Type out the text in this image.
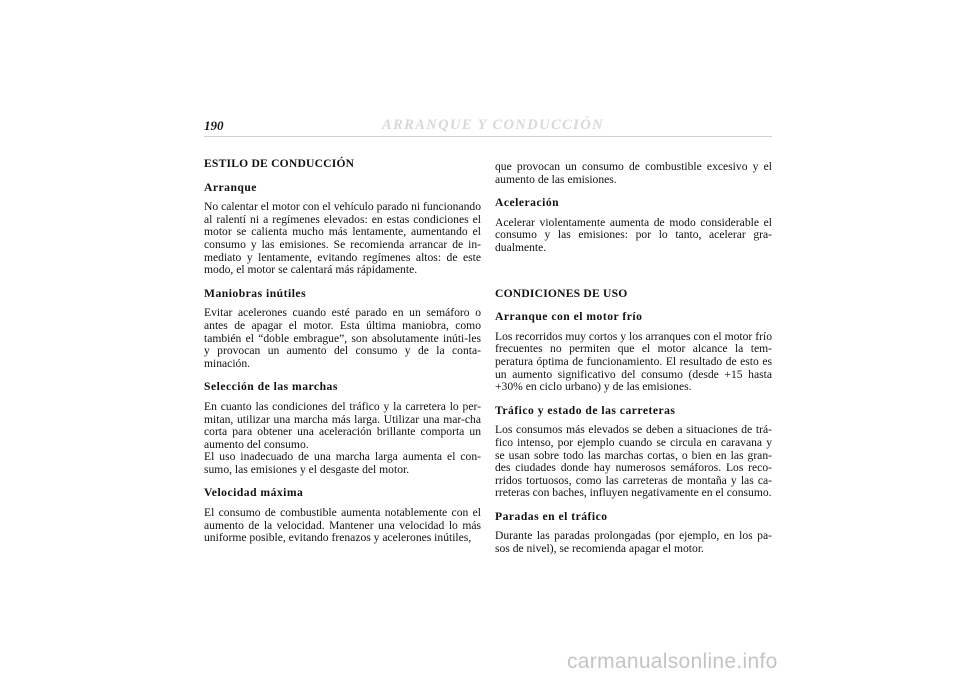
190	ARRANQUE Y CONDUCCIÓN
ESTILO DE CONDUCCIÓN
Arranque
No calentar el motor con el vehículo parado ni funcionando al ralentí ni a regímenes elevados: en estas condiciones el motor se calienta mucho más lentamente, aumentando el consumo y las emisiones. Se recomienda arrancar de in-mediato y lentamente, evitando regímenes altos: de este modo, el motor se calentará más rápidamente.
Maniobras inútiles
Evitar acelerones cuando esté parado en un semáforo o antes de apagar el motor. Esta última maniobra, como también el “doble embrague”, son absolutamente inúti-les y provocan un aumento del consumo y de la conta-minación.
Selección de las marchas
En cuanto las condiciones del tráfico y la carretera lo per-mitan, utilizar una marcha más larga. Utilizar una mar-cha corta para obtener una aceleración brillante comporta un aumento del consumo.
El uso inadecuado de una marcha larga aumenta el con-sumo, las emisiones y el desgaste del motor.
Velocidad máxima
El consumo de combustible aumenta notablemente con el aumento de la velocidad. Mantener una velocidad lo más uniforme posible, evitando frenazos y acelerones inútiles,
que provocan un consumo de combustible excesivo y el aumento de las emisiones.
Aceleración
Acelerar violentamente aumenta de modo considerable el consumo y las emisiones: por lo tanto, acelerar gra-dualmente.
CONDICIONES DE USO
Arranque con el motor frío
Los recorridos muy cortos y los arranques con el motor frío frecuentes no permiten que el motor alcance la tem-peratura óptima de funcionamiento. El resultado de esto es un aumento significativo del consumo (desde +15 hasta +30% en ciclo urbano) y de las emisiones.
Tráfico y estado de las carreteras
Los consumos más elevados se deben a situaciones de trá-fico intenso, por ejemplo cuando se circula en caravana y se usan sobre todo las marchas cortas, o bien en las gran-des ciudades donde hay numerosos semáforos. Los reco-rridos tortuosos, como las carreteras de montaña y las ca-rreteras con baches, influyen negativamente en el consumo.
Paradas en el tráfico
Durante las paradas prolongadas (por ejemplo, en los pa-sos de nivel), se recomienda apagar el motor.
carmanualsonline.info
